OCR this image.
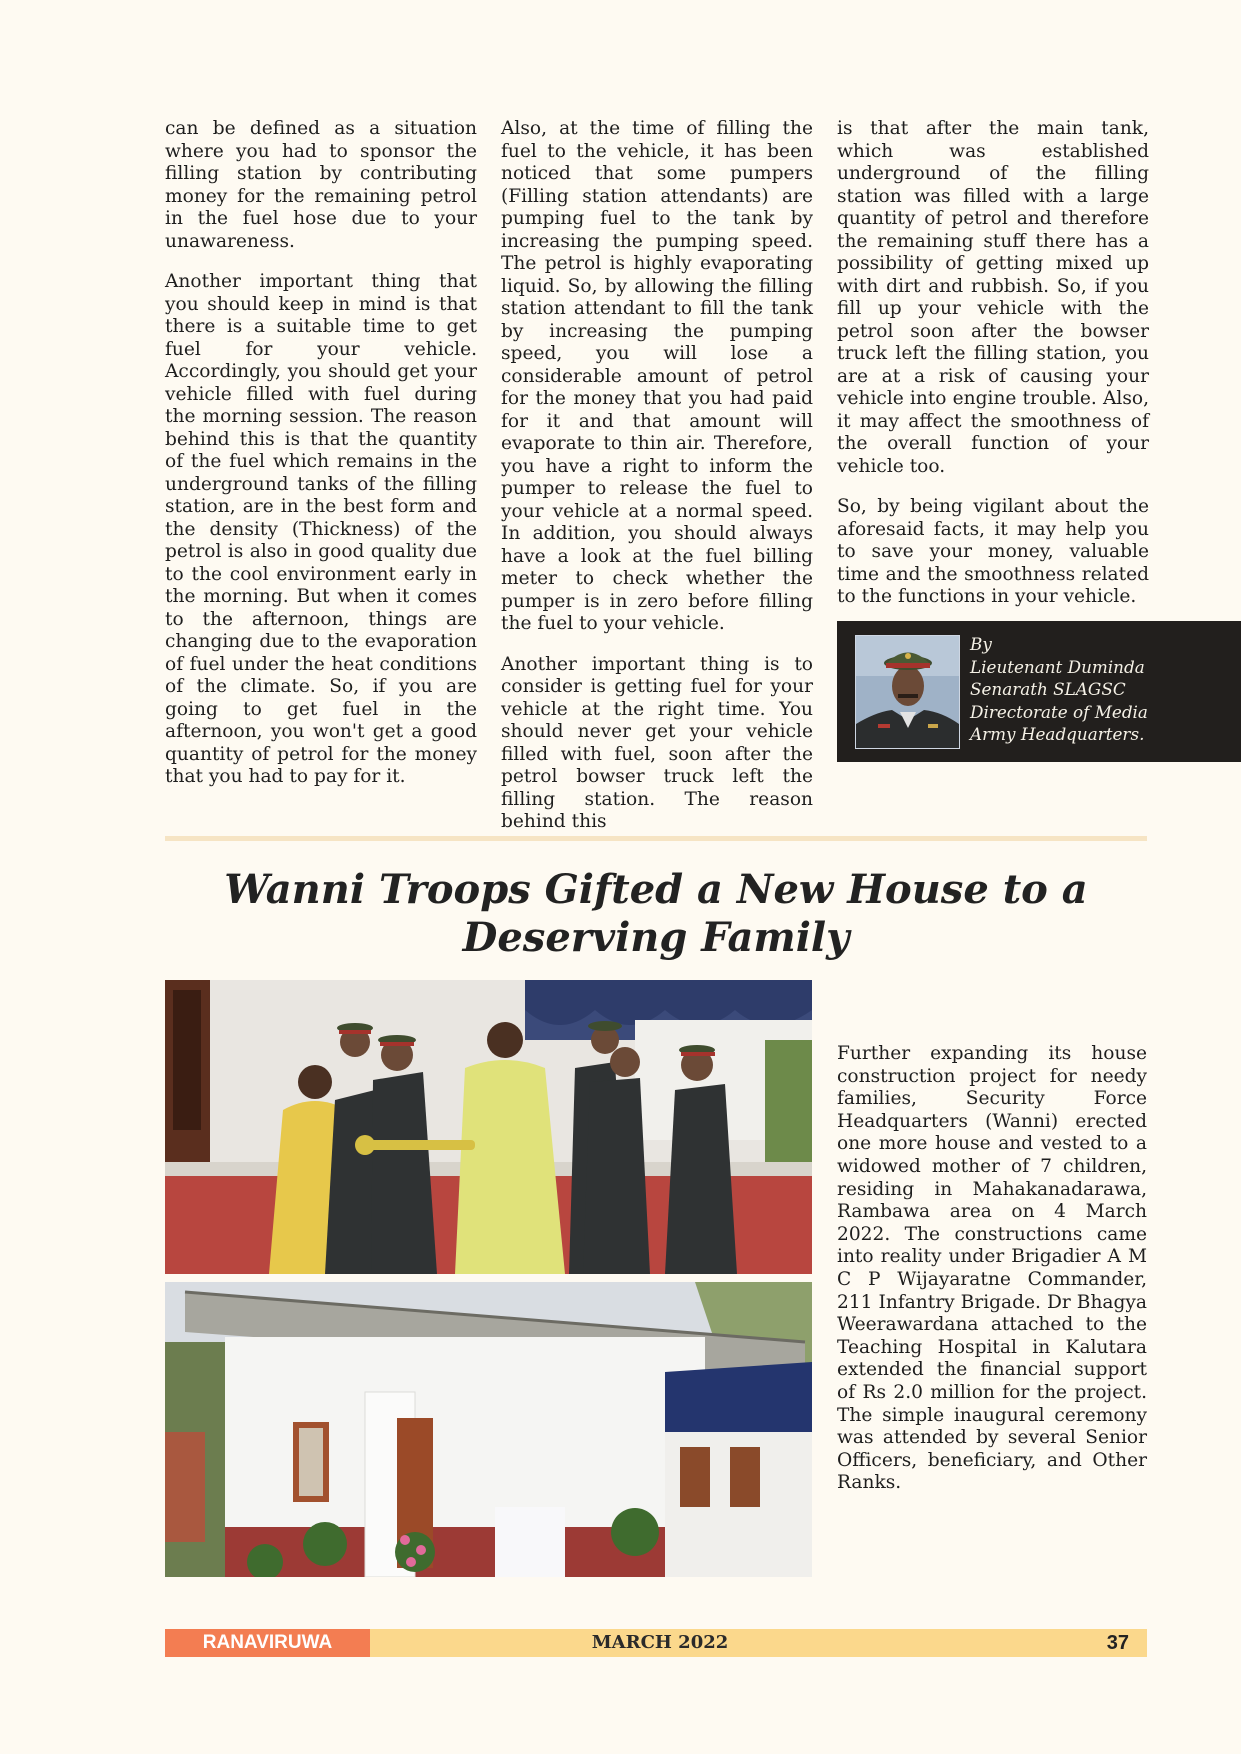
can be defined as a situation where you had to sponsor the filling station by contributing money for the remaining petrol in the fuel hose due to your unawareness.

Another important thing that you should keep in mind is that there is a suitable time to get fuel for your vehicle. Accordingly, you should get your vehicle filled with fuel during the morning session. The reason behind this is that the quantity of the fuel which remains in the underground tanks of the filling station, are in the best form and the density (Thickness) of the petrol is also in good quality due to the cool environment early in the morning. But when it comes to the afternoon, things are changing due to the evaporation of fuel under the heat conditions of the climate. So, if you are going to get fuel in the afternoon, you won't get a good quantity of petrol for the money that you had to pay for it.

Also, at the time of filling the fuel to the vehicle, it has been noticed that some pumpers (Filling station attendants) are pumping fuel to the tank by increasing the pumping speed. The petrol is highly evaporating liquid. So, by allowing the filling station attendant to fill the tank by increasing the pumping speed, you will lose a considerable amount of petrol for the money that you had paid for it and that amount will evaporate to thin air. Therefore, you have a right to inform the pumper to release the fuel to your vehicle at a normal speed. In addition, you should always have a look at the fuel billing meter to check whether the pumper is in zero before filling the fuel to your vehicle.

Another important thing is to consider is getting fuel for your vehicle at the right time. You should never get your vehicle filled with fuel, soon after the petrol bowser truck left the filling station. The reason behind this

is that after the main tank, which was established underground of the filling station was filled with a large quantity of petrol and therefore the remaining stuff there has a possibility of getting mixed up with dirt and rubbish. So, if you fill up your vehicle with the petrol soon after the bowser truck left the filling station, you are at a risk of causing your vehicle into engine trouble. Also, it may affect the smoothness of the overall function of your vehicle too.

So, by being vigilant about the aforesaid facts, it may help you to save your money, valuable time and the smoothness related to the functions in your vehicle.

By
Lieutenant Duminda
Senarath SLAGSC
Directorate of Media
Army Headquarters.
Wanni Troops Gifted a New House to a
Deserving Family
Further expanding its house construction project for needy families, Security Force Headquarters (Wanni) erected one more house and vested to a widowed mother of 7 children, residing in Mahakanadarawa, Rambawa area on 4 March 2022. The constructions came into reality under Brigadier A M C P Wijayaratne Commander, 211 Infantry Brigade. Dr Bhagya Weerawardana attached to the Teaching Hospital in Kalutara extended the financial support of Rs 2.0 million for the project. The simple inaugural ceremony was attended by several Senior Officers, beneficiary, and Other Ranks.
RANAVIRUWA	MARCH 2022	37
